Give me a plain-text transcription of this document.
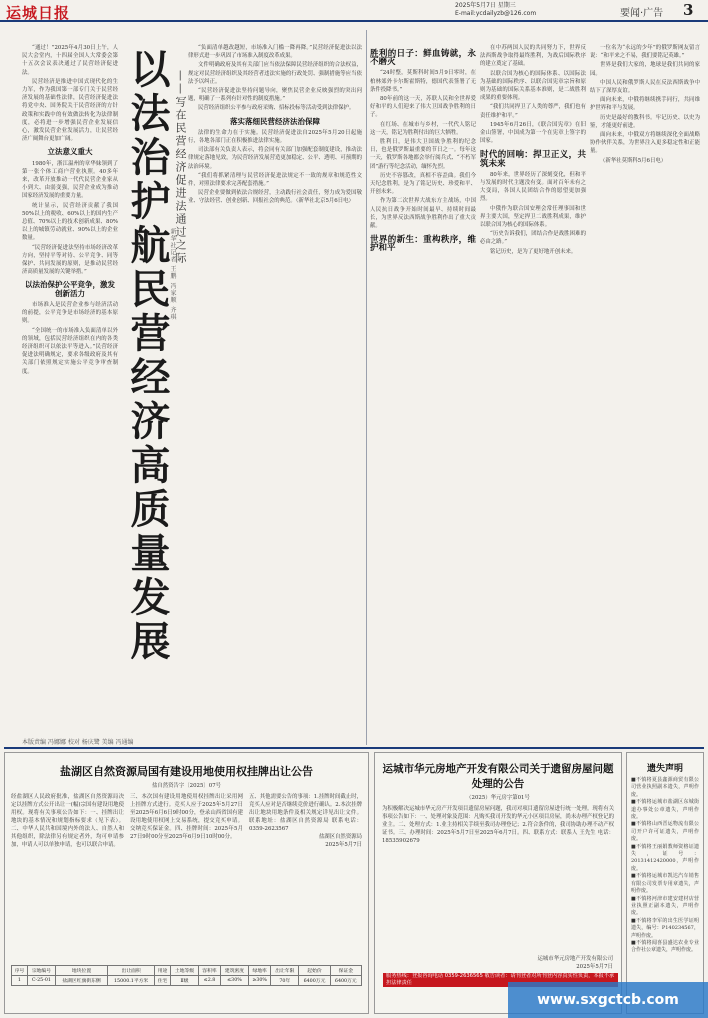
运城日报	2025年5月7日 星期三
E-mail:ycdailyzb@126.com	要闻·广告 3

“通过！”2025年4月30日上午，人民大会堂内，十四届全国人大常委会第十五次会议表决通过了民营经济促进法。

民营经济是推进中国式现代化的生力军，作为我国第一部专门关于民营经济发展的基础性法律，民营经济促进法将党中央、国务院关于民营经济的方针政策和实践中的有效做法转化为法律制度，必将进一步增强民营企业发展信心，激发民营企业发展活力，让民营经济广阔舞台更加广阔。

立法意义重大

1980年，浙江温州的章华妹领到了第一张个体工商户营业执照。40多年来，改革开放推动一代代民营企业家从小到大、由弱变强，民营企业成为推动国家经济发展的重要力量。

统计显示，民营经济贡献了我国50%以上的税收、60%以上的国内生产总值、70%以上的技术创新成果、80%以上的城镇劳动就业、90%以上的企业数量。

“民营经济促进法坚持市场经济改革方向，坚持平等对待、公平竞争、同等保护、共同发展的原则，是推动民营经济高质量发展的关键举措。”

以法治保护公平竞争，激发创新活力

市场准入是民营企业参与经济活动的前提，公平竞争是市场经济的基本原则。

“全国统一的市场准入负面清单以外的领域，包括民营经济组织在内的各类经济组织可以依法平等进入。”民营经济促进法明确规定，要求各级政府及其有关部门依照规定实施公平竞争审查制度。	以法治护航民营经济高质量发展 ——写在民营经济促进法通过之际
新华社记者 王鹏 冯家顺 齐琪

“负面清单越改越短，市场准入门槛一降再降。”民营经济促进法以法律形式进一步巩固了市场准入制度改革成果。

文件明确政府及其有关部门应当依法保障民营经济组织的合法权益，规定对民营经济组织及其经营者违法实施的行政处罚、强制措施等应当依法予以纠正。

“民营经济促进法坚持问题导向，聚焦民营企业反映强烈的突出问题，明确了一系列有针对性的制度措施。”

民营经济组织公平参与政府采购、招标投标等活动受到法律保护。

落实落细民营经济法治保障

法律的生命力在于实施。民营经济促进法自2025年5月20日起施行，各地各部门正在积极推进法律实施。

司法部有关负责人表示，将会同有关部门加强配套制度建设，推动法律规定落地见效，为民营经济发展营造更加稳定、公平、透明、可预期的法治环境。

“我们将抓紧清理与民营经济促进法规定不一致的规章和规范性文件，对照法律要求完善配套措施。”

民营企业要做到依法合规经营，主动践行社会责任，努力成为爱国敬业、守法经营、创业创新、回报社会的典范。（新华社北京5月6日电）

本版责编 冯娜娜 校对 杨庆鹭 美编 冯通编
胜利的日子：鲜血铸就，永不磨灭

“24时整，莫斯科时间5月9日零时，在柏林郊外卡尔斯霍斯特，德国代表签署了无条件投降书。”

80年前的这一天，苏联人民和全世界爱好和平的人们迎来了伟大卫国战争胜利的日子。

在红场、在城市与乡村，一代代人铭记这一天，铭记为胜利付出的巨大牺牲。

胜利日，是伟大卫国战争胜利的纪念日，也是俄罗斯最重要的节日之一。每年这一天，俄罗斯各地都会举行阅兵式、“不朽军团”游行等纪念活动，缅怀先烈。

历史不容篡改，真相不容歪曲。我们今天纪念胜利，是为了铭记历史、珍爱和平、开创未来。

作为第二次世界大战东方主战场，中国人民抗日战争开始时间最早、持续时间最长，为世界反法西斯战争胜利作出了重大贡献。

世界的新生：重构秩序，维护和平

在中苏两国人民的共同努力下，世界反法西斯战争取得最终胜利，为战后国际秩序的建立奠定了基础。

以联合国为核心的国际体系、以国际法为基础的国际秩序、以联合国宪章宗旨和原则为基础的国际关系基本准则，是二战胜利成果的重要体现。

“我们共同捍卫了人类的尊严，我们也有责任维护和平。”

1945年6月26日，《联合国宪章》在旧金山签署，中国成为第一个在宪章上签字的国家。

时代的回响：捍卫正义，共筑未来

80年来，世界经历了深刻变化，但和平与发展的时代主题没有变。面对百年未有之大变局，各国人民团结合作的愿望更加强烈。

中俄作为联合国安理会常任理事国和世界主要大国，坚定捍卫二战胜利成果，维护以联合国为核心的国际体系。

“历史告诉我们，团结合作是战胜困难的必由之路。”

铭记历史，是为了更好地开创未来。

一位名为“永远的少年”的俄罗斯网友留言说：“和平来之不易，我们要铭记英雄。”

世界是我们大家的，地球是我们共同的家园。

中国人民和俄罗斯人民在反法西斯战争中结下了深厚友谊。

面向未来，中俄将继续携手同行，共同维护世界和平与发展。

历史是最好的教科书。牢记历史、以史为鉴，才能更好前进。

面向未来，中俄双方将继续深化全面战略协作伙伴关系，为世界注入更多稳定性和正能量。

（新华社莫斯科5月6日电）

盐湖区自然资源局国有建设用地使用权挂牌出让公告
盐自然资告字〔2025〕07号
经盐湖区人民政府批准，盐湖区自然资源局决定以挂牌方式公开出让一(幅)宗国有建设用地使用权。现将有关事项公告如下：一、挂牌出让地块的基本情况和规划指标要求（见下表）。二、中华人民共和国境内外的法人、自然人和其他组织，除法律另有规定者外，均可申请参加，申请人可以单独申请，也可以联合申请。
三、本次国有建设用地使用权挂牌出让采用网上挂牌方式进行。竞买人应于2025年5月27日至2025年6月6日9时00分，登录山西省国有建设用地使用权网上交易系统，提交竞买申请。交纳竞买保证金。四、挂牌时间：2025年5月27日9时00分至2025年6月9日10时00分。
五、其他需要公告的事项：1.挂牌时间截止时，竞买人应对是否继续竞价进行确认。2.本次挂牌出让地块用地条件及相关规定详见出让文件。联系地址：盐湖区自然资源局 联系电话：0359-2623567

盐湖区自然资源局
2025年5月7日
序号	宗地编号	地块位置	出让面积	用途	土地等级	容积率	建筑密度	绿地率	出让年限	起始价	保证金
1	C-25-01	盐湖区红旗街东侧	15000.1平方米	住宅	Ⅱ级	≤2.8	≤30%	≥30%	70年	6400万元	6400万元
运城市华元房地产开发有限公司关于遗留房屋问题处理的公告
（2025）华元房字第01号
为积极解决运城市华元房产开发项目遗留房屋问题，我司对项目遗留房屋进行统一处理。现将有关事项公告如下：一、处理对象及范围：凡购买我司开发的华元小区项目房屋，尚未办理产权登记的业主。二、处理方式：1.业主持相关手续至我司办理登记；2.符合条件的，我司协助办理不动产权证书。三、办理时间：2025年5月7日至2025年6月7日。四、联系方式：联系人 王先生 电话：18535902679
运城市华元房地产开发有限公司
2025年5月7日
遗失声明
■不慎将夏县鑫源商贸有限公司营业执照副本遗失，声明作废。
■不慎将运城市盐湖区东城街道办事处公章遗失，声明作废。
■不慎将山西晋运物流有限公司开户许可证遗失，声明作废。
■不慎将王丽娟教师资格证遗失，证号：20131412420000，声明作废。
■不慎将运城市凯达汽车销售有限公司发票专用章遗失，声明作废。
■不慎将河津市建安建材店营业执照正副本遗失，声明作废。
■不慎将李军的出生医学证明遗失，编号：P140234567，声明作废。
■不慎将闻喜县盛达农业专业合作社公章遗失，声明作废。
服务热线：登报咨询电话 0359-2636565 敬告读者：请刊登者对所刊登内容真实性负责，本报不承担法律责任
www.sxgctcb.com
